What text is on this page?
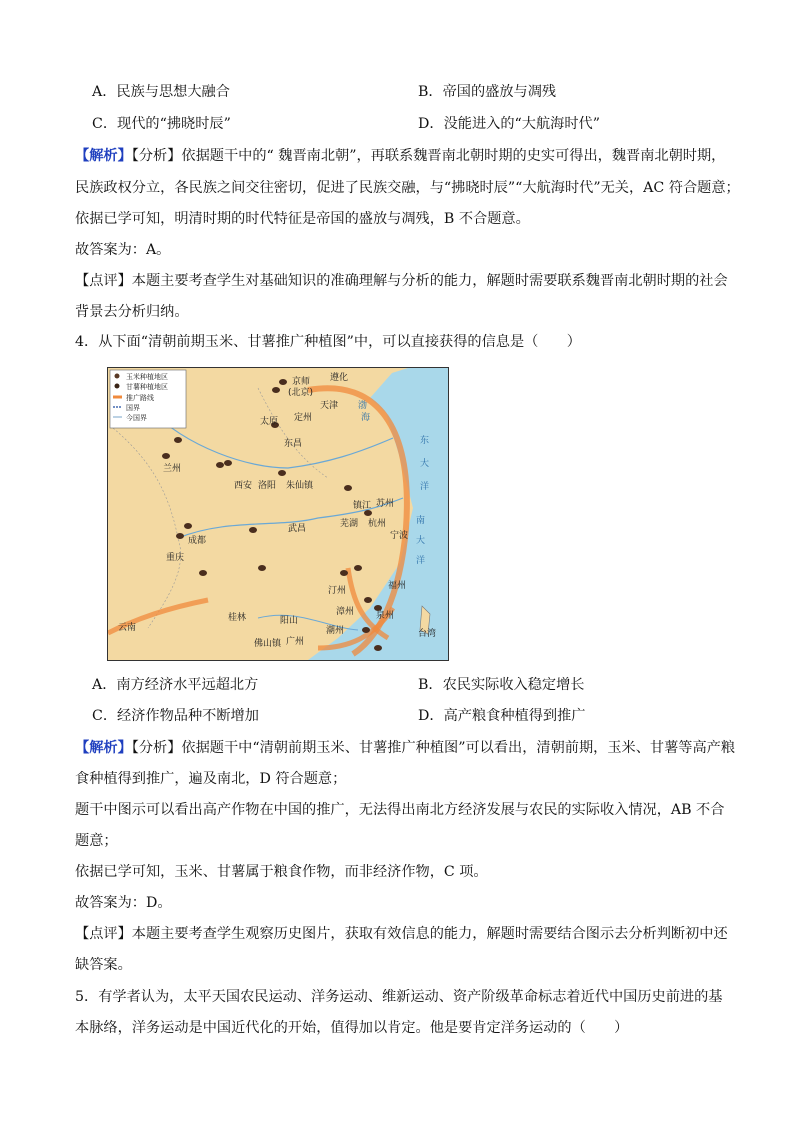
A．民族与思想大融合	B．帝国的盛放与凋残
C．现代的“拂晓时辰”	D．没能进入的“大航海时代”
【解析】【分析】依据题干中的“ 魏晋南北朝”，再联系魏晋南北朝时期的史实可得出，魏晋南北朝时期，
民族政权分立，各民族之间交往密切，促进了民族交融，与“拂晓时辰”“大航海时代”无关，AC 符合题意；
依据已学可知，明清时期的时代特征是帝国的盛放与凋残，B 不合题意。
故答案为：A。
【点评】本题主要考查学生对基础知识的准确理解与分析的能力，解题时需要联系魏晋南北朝时期的社会
背景去分析归纳。
4．从下面“清朝前期玉米、甘薯推广种植图”中，可以直接获得的信息是（　　）
玉米种植地区
甘薯种植地区
推广路线
国界
今国界
京师
(北京)
遵化
天津
太原 定州
东昌
兰州
西安 洛阳 朱仙镇
镇江 苏州
芜湖 杭州
宁波
成都
重庆
武昌
汀州	福州
漳州 泉州
潮州
桂林	阳山
云南
佛山镇 广州
台湾
渤
海
东
大
洋
南
大
洋
A．南方经济水平远超北方	B．农民实际收入稳定增长
C．经济作物品种不断增加	D．高产粮食种植得到推广
【解析】【分析】依据题干中“清朝前期玉米、甘薯推广种植图”可以看出，清朝前期，玉米、甘薯等高产粮
食种植得到推广，遍及南北，D 符合题意；
题干中图示可以看出高产作物在中国的推广，无法得出南北方经济发展与农民的实际收入情况，AB 不合
题意；
依据已学可知，玉米、甘薯属于粮食作物，而非经济作物，C 项。
故答案为：D。
【点评】本题主要考查学生观察历史图片，获取有效信息的能力，解题时需要结合图示去分析判断初中还
缺答案。
5．有学者认为，太平天国农民运动、洋务运动、维新运动、资产阶级革命标志着近代中国历史前进的基
本脉络，洋务运动是中国近代化的开始，值得加以肯定。他是要肯定洋务运动的（　　）
